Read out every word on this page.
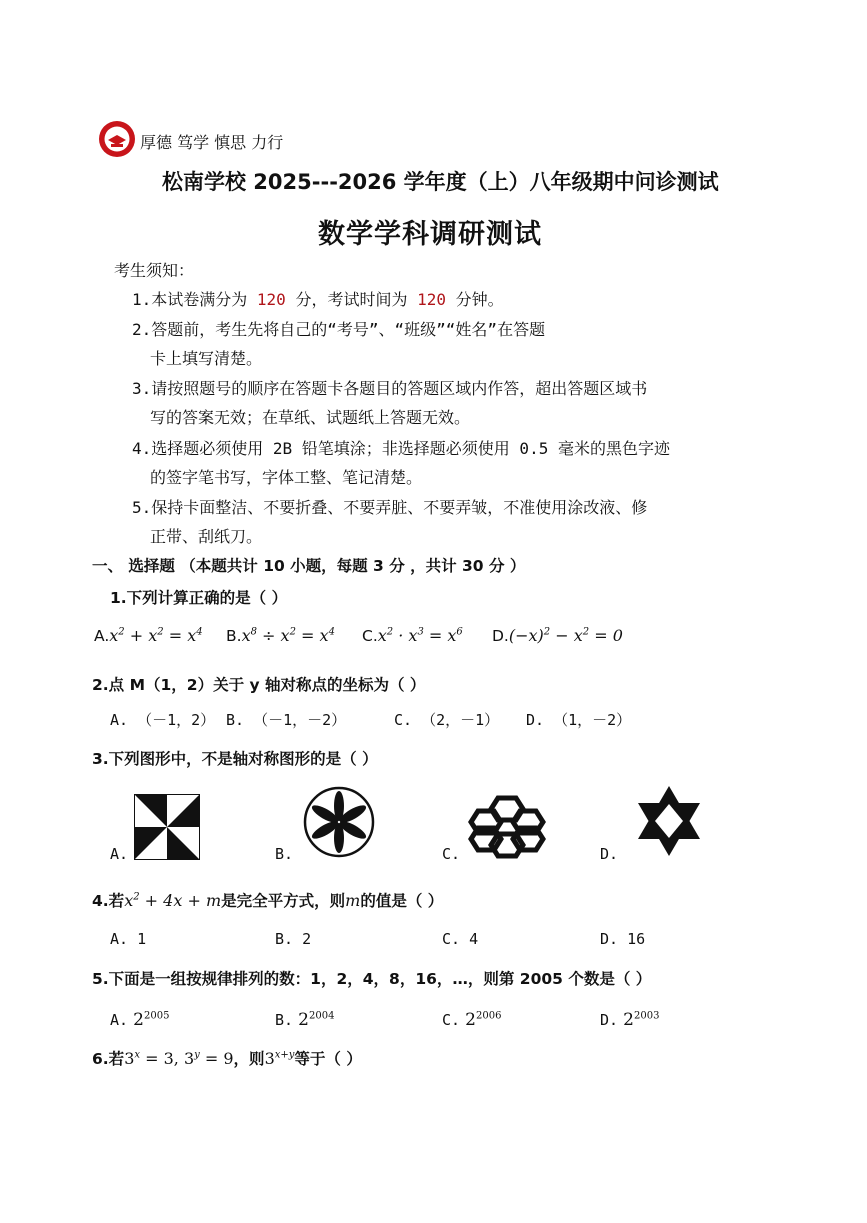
厚德 笃学 慎思 力行
松南学校 2025---2026 学年度（上）八年级期中问诊测试
数学学科调研测试
考生须知：
1.本试卷满分为 120 分，考试时间为 120 分钟。
2.答题前，考生先将自己的“考号”、“班级”“姓名”在答题
卡上填写清楚。
3.请按照题号的顺序在答题卡各题目的答题区域内作答，超出答题区域书
写的答案无效；在草纸、试题纸上答题无效。
4.选择题必须使用 2B 铅笔填涂；非选择题必须使用 0.5 毫米的黑色字迹
的签字笔书写，字体工整、笔记清楚。
5.保持卡面整洁、不要折叠、不要弄脏、不要弄皱，不准使用涂改液、修
正带、刮纸刀。
一、 选择题 （本题共计 10 小题，每题 3 分 ，共计 30 分 ）
1.下列计算正确的是（ ）
$A.x^2 + x^2 = x^4$ $B.x^8 \div x^2 = x^4$ $C.x^2 \cdot x^3 = x^6$ $D.(-x)^2 - x^2 = 0$
2.点 M（1，2）关于 y 轴对称点的坐标为（ ）
A. （－1，2） B. （－1，－2）	C. （2，－1） D. （1，－2）
3.下列图形中，不是轴对称图形的是（ ）
A.	B.	C.	D.
4.若$x^2 + 4x + m$是完全平方式，则m的值是（ ）
A. 1	B. 2	C. 4	D. 16
5.下面是一组按规律排列的数：1，2，4，8，16，…，则第 2005 个数是（ ）
A. $2^{2005}$	B. $2^{2004}$	C. $2^{2006}$	D. $2^{2003}$
6.若$3^x = 3$, $3^y = 9$，则$3^{x+y}$等于（ ）
